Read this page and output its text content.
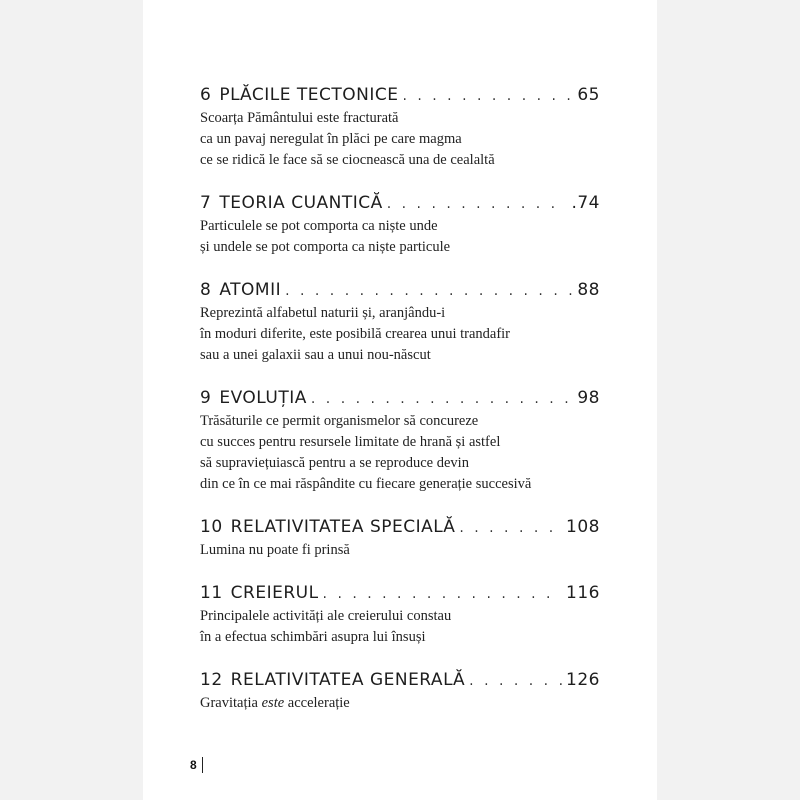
6 PLĂCILE TECTONICE . . .	65
Scoarța Pământului este fracturată
ca un pavaj neregulat în plăci pe care magma
ce se ridică le face să se ciocnească una de cealaltă
7 TEORIA CUANTICĂ . . .	.74
Particulele se pot comporta ca niște unde
și undele se pot comporta ca niște particule
8 ATOMII . . .	88
Reprezintă alfabetul naturii și, aranjându-i
în moduri diferite, este posibilă crearea unui trandafir
sau a unei galaxii sau a unui nou-născut
9 EVOLUȚIA . . .	98
Trăsăturile ce permit organismelor să concureze
cu succes pentru resursele limitate de hrană și astfel
să supraviețuiască pentru a se reproduce devin
din ce în ce mai răspândite cu fiecare generație succesivă
10 RELATIVITATEA SPECIALĂ . . .	108
Lumina nu poate fi prinsă
11 CREIERUL . . .	116
Principalele activități ale creierului constau
în a efectua schimbări asupra lui însuși
12 RELATIVITATEA GENERALĂ . . .	126
Gravitația este accelerație
8
